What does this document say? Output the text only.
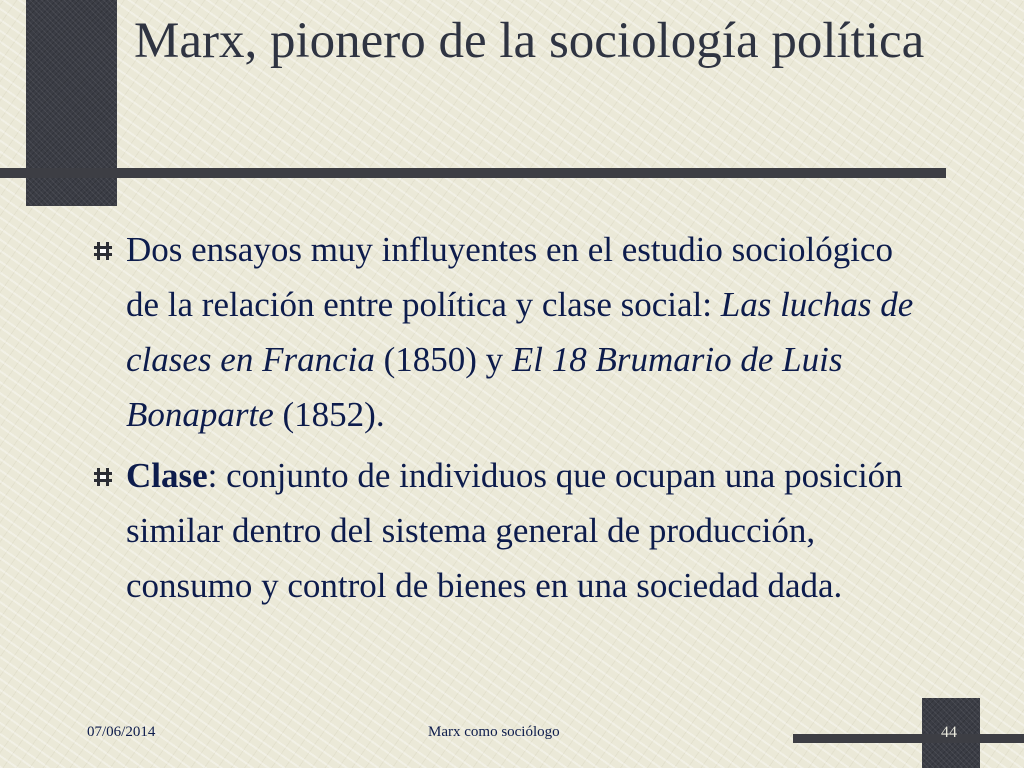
Marx, pionero de la sociología política
Dos ensayos muy influyentes en el estudio sociológico de la relación entre política y clase social: Las luchas de clases en Francia (1850) y El 18 Brumario de Luis Bonaparte (1852).
Clase: conjunto de individuos que ocupan una posición similar dentro del sistema general de producción, consumo y control de bienes en una sociedad dada.
07/06/2014	Marx como sociólogo	44
